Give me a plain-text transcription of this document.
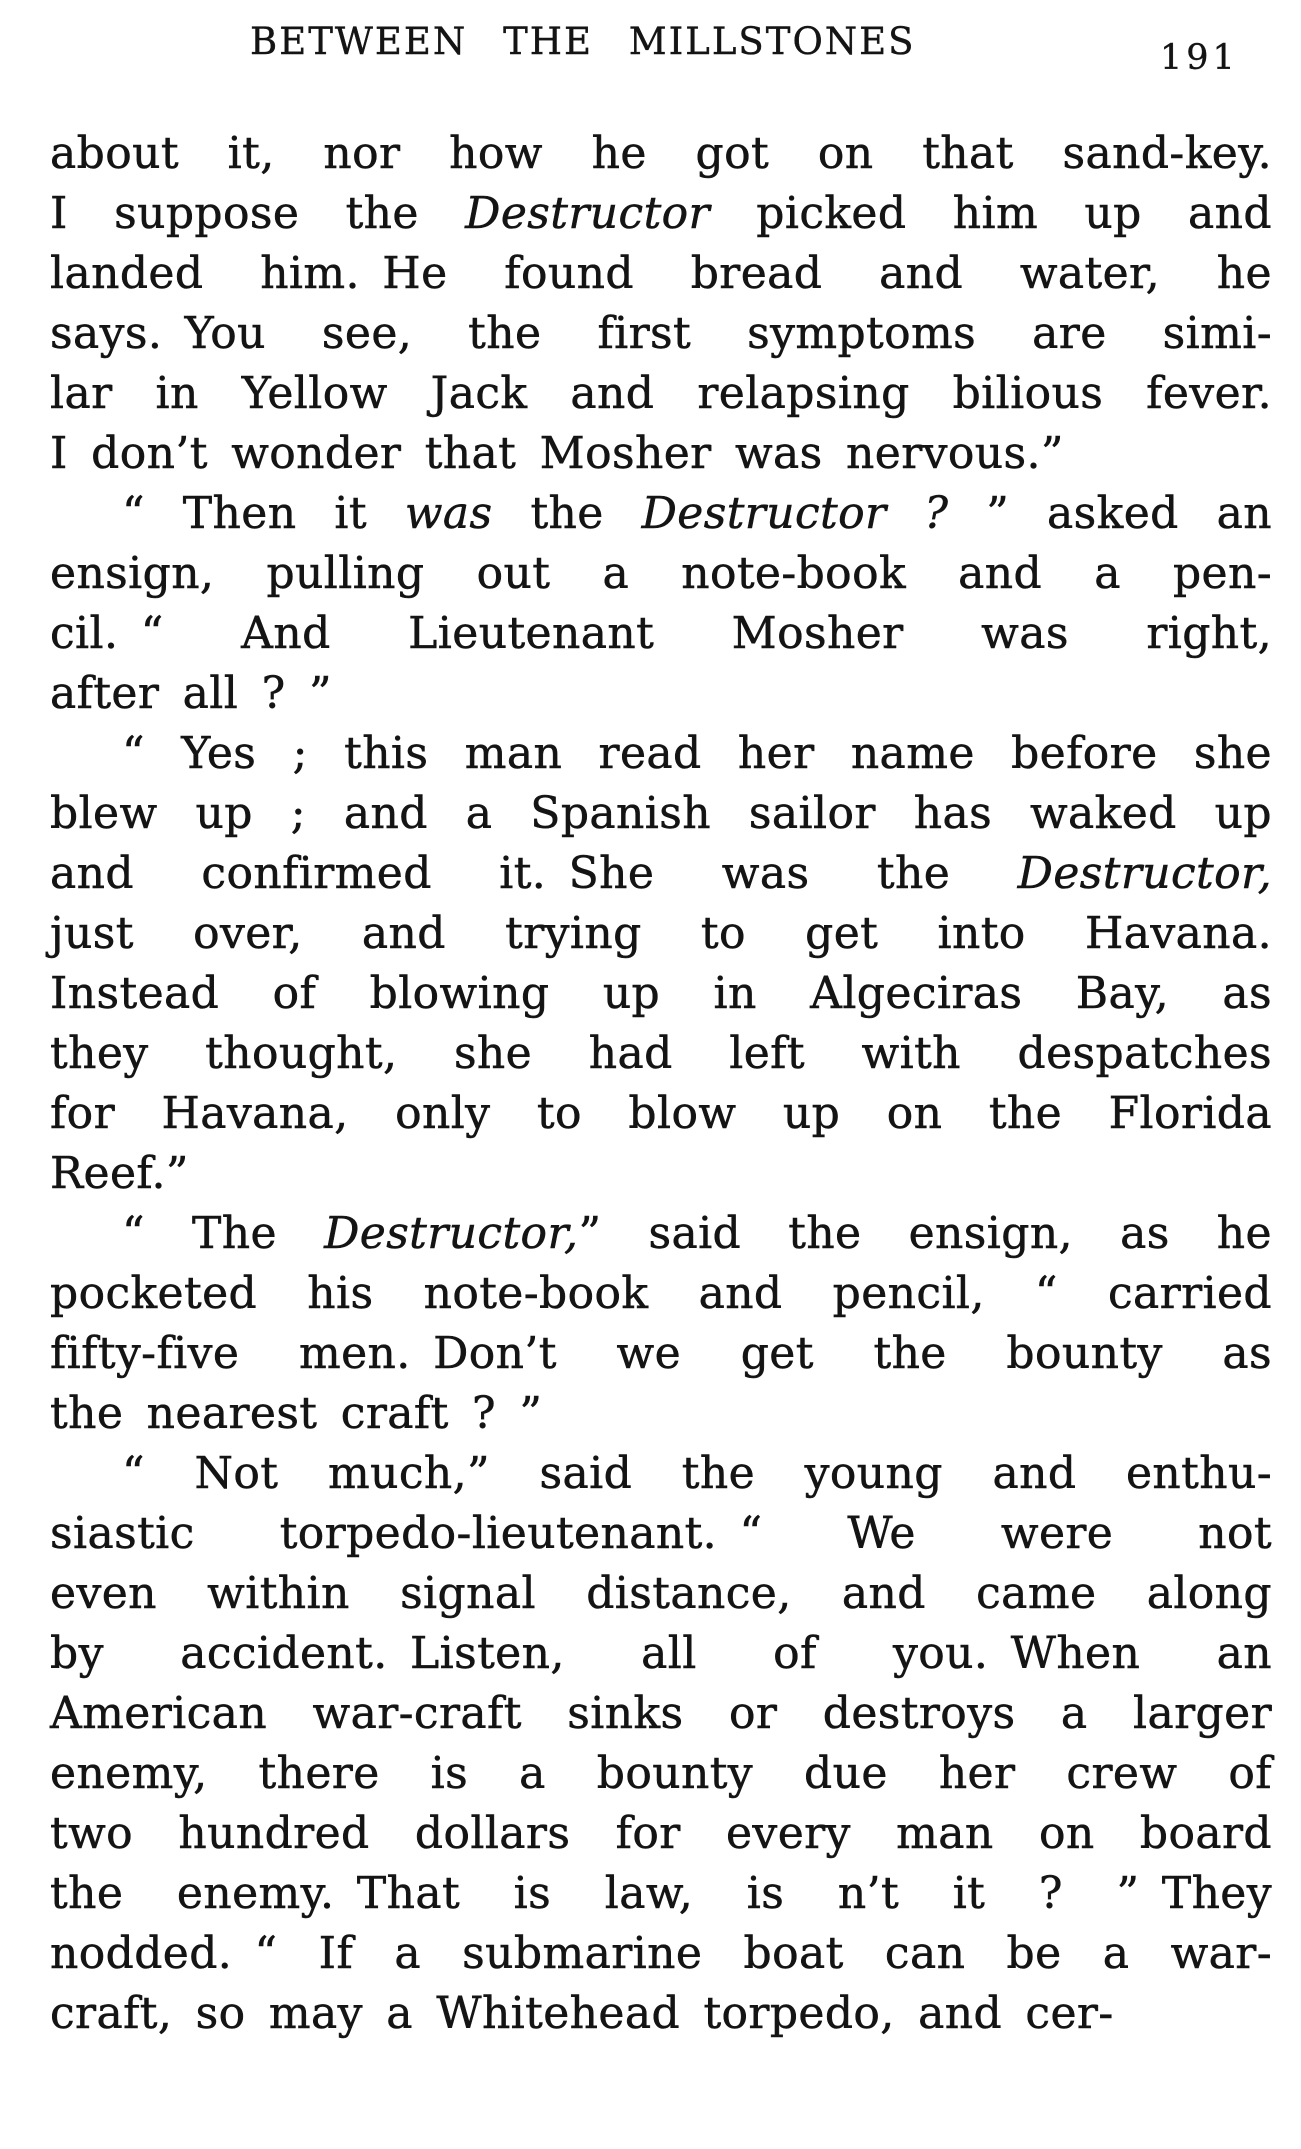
BETWEEN THE MILLSTONES	191
about it, nor how he got on that sand-key.
I suppose the Destructor picked him up and
landed him. He found bread and water, he
says. You see, the first symptoms are simi-
lar in Yellow Jack and relapsing bilious fever.
I don’t wonder that Mosher was nervous.”
“ Then it was the Destructor ? ” asked an
ensign, pulling out a note-book and a pen-
cil. “ And Lieutenant Mosher was right,
after all ? ”
“ Yes ; this man read her name before she
blew up ; and a Spanish sailor has waked up
and confirmed it. She was the Destructor,
just over, and trying to get into Havana.
Instead of blowing up in Algeciras Bay, as
they thought, she had left with despatches
for Havana, only to blow up on the Florida
Reef.”
“ The Destructor,” said the ensign, as he
pocketed his note-book and pencil, “ carried
fifty-five men. Don’t we get the bounty as
the nearest craft ? ”
“ Not much,” said the young and enthu-
siastic torpedo-lieutenant. “ We were not
even within signal distance, and came along
by accident. Listen, all of you. When an
American war-craft sinks or destroys a larger
enemy, there is a bounty due her crew of
two hundred dollars for every man on board
the enemy. That is law, is n’t it ? ” They
nodded. “ If a submarine boat can be a war-
craft, so may a Whitehead torpedo, and cer-
